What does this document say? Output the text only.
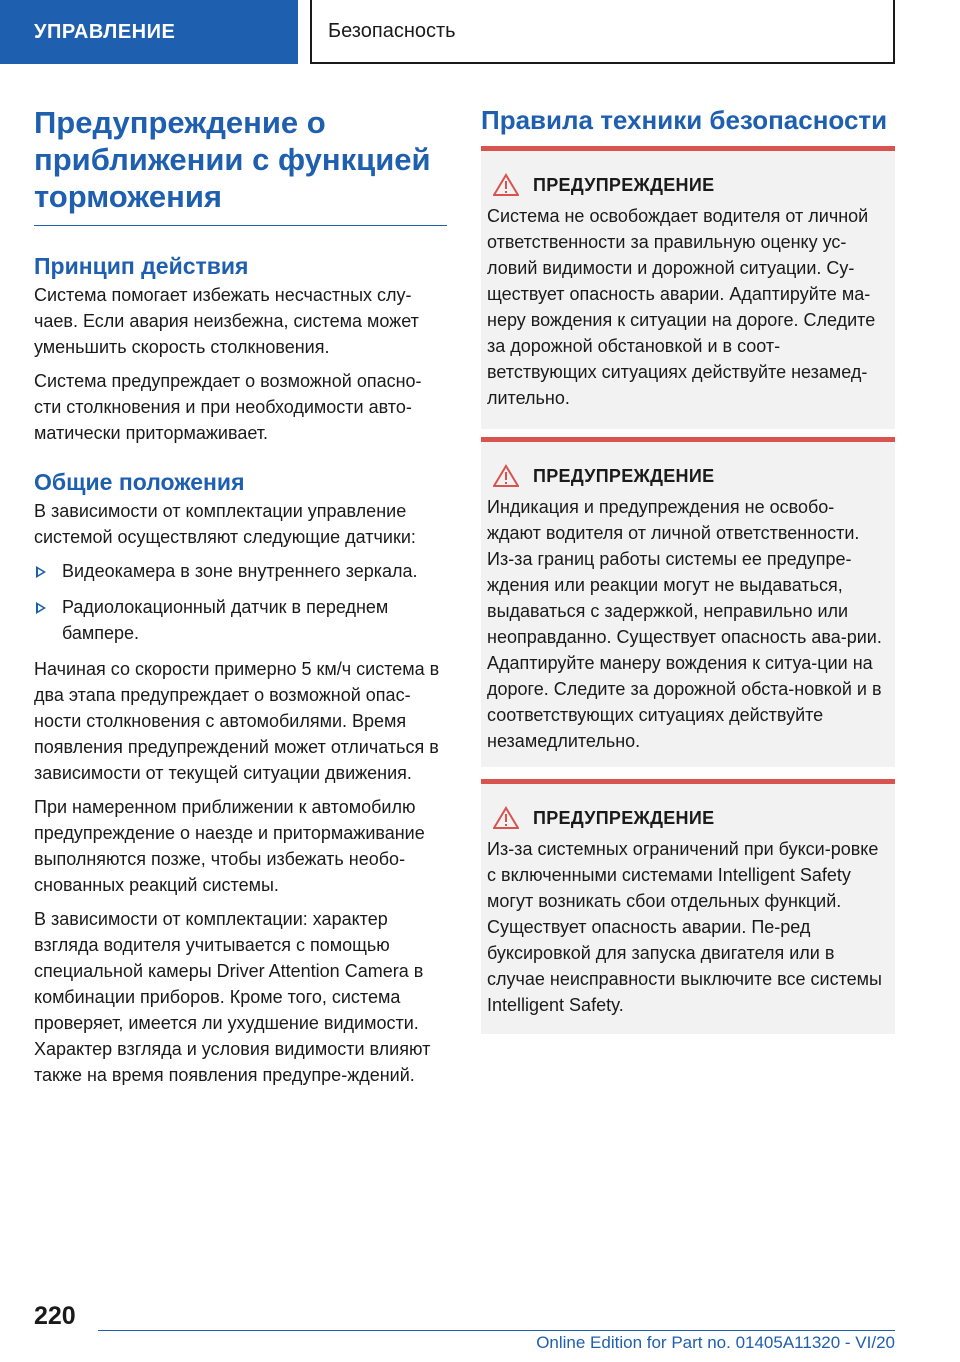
УПРАВЛЕНИЕ	Безопасность
Предупреждение о приближении с функцией торможения
Принцип действия

Система помогает избежать несчастных слу-чаев. Если авария неизбежна, система может уменьшить скорость столкновения.

Система предупреждает о возможной опасно-сти столкновения и при необходимости авто-матически притормаживает.

Общие положения

В зависимости от комплектации управление системой осуществляют следующие датчики:

Видеокамера в зоне внутреннего зеркала.
Радиолокационный датчик в переднем бампере.

Начиная со скорости примерно 5 км/ч система в два этапа предупреждает о возможной опас-ности столкновения с автомобилями. Время появления предупреждений может отличаться в зависимости от текущей ситуации движения.

При намеренном приближении к автомобилю предупреждение о наезде и притормаживание выполняются позже, чтобы избежать необо-снованных реакций системы.

В зависимости от комплектации: характер взгляда водителя учитывается с помощью специальной камеры Driver Attention Camera в комбинации приборов. Кроме того, система проверяет, имеется ли ухудшение видимости. Характер взгляда и условия видимости влияют также на время появления предупре-ждений.

Правила техники безопасности
ПРЕДУПРЕЖДЕНИЕ

Система не освобождает водителя от личной ответственности за правильную оценку ус-ловий видимости и дорожной ситуации. Су-ществует опасность аварии. Адаптируйте ма-неру вождения к ситуации на дороге. Следите за дорожной обстановкой и в соот-ветствующих ситуациях действуйте незамед-лительно.

ПРЕДУПРЕЖДЕНИЕ

Индикация и предупреждения не освобо-ждают водителя от личной ответственности. Из-за границ работы системы ее предупре-ждения или реакции могут не выдаваться, выдаваться с задержкой, неправильно или неоправданно. Существует опасность ава-рии. Адаптируйте манеру вождения к ситуа-ции на дороге. Следите за дорожной обста-новкой и в соответствующих ситуациях действуйте незамедлительно.

ПРЕДУПРЕЖДЕНИЕ

Из-за системных ограничений при букси-ровке с включенными системами Intelligent Safety могут возникать сбои отдельных функций. Существует опасность аварии. Пе-ред буксировкой для запуска двигателя или в случае неисправности выключите все системы Intelligent Safety.

220
Online Edition for Part no. 01405A11320 - VI/20
